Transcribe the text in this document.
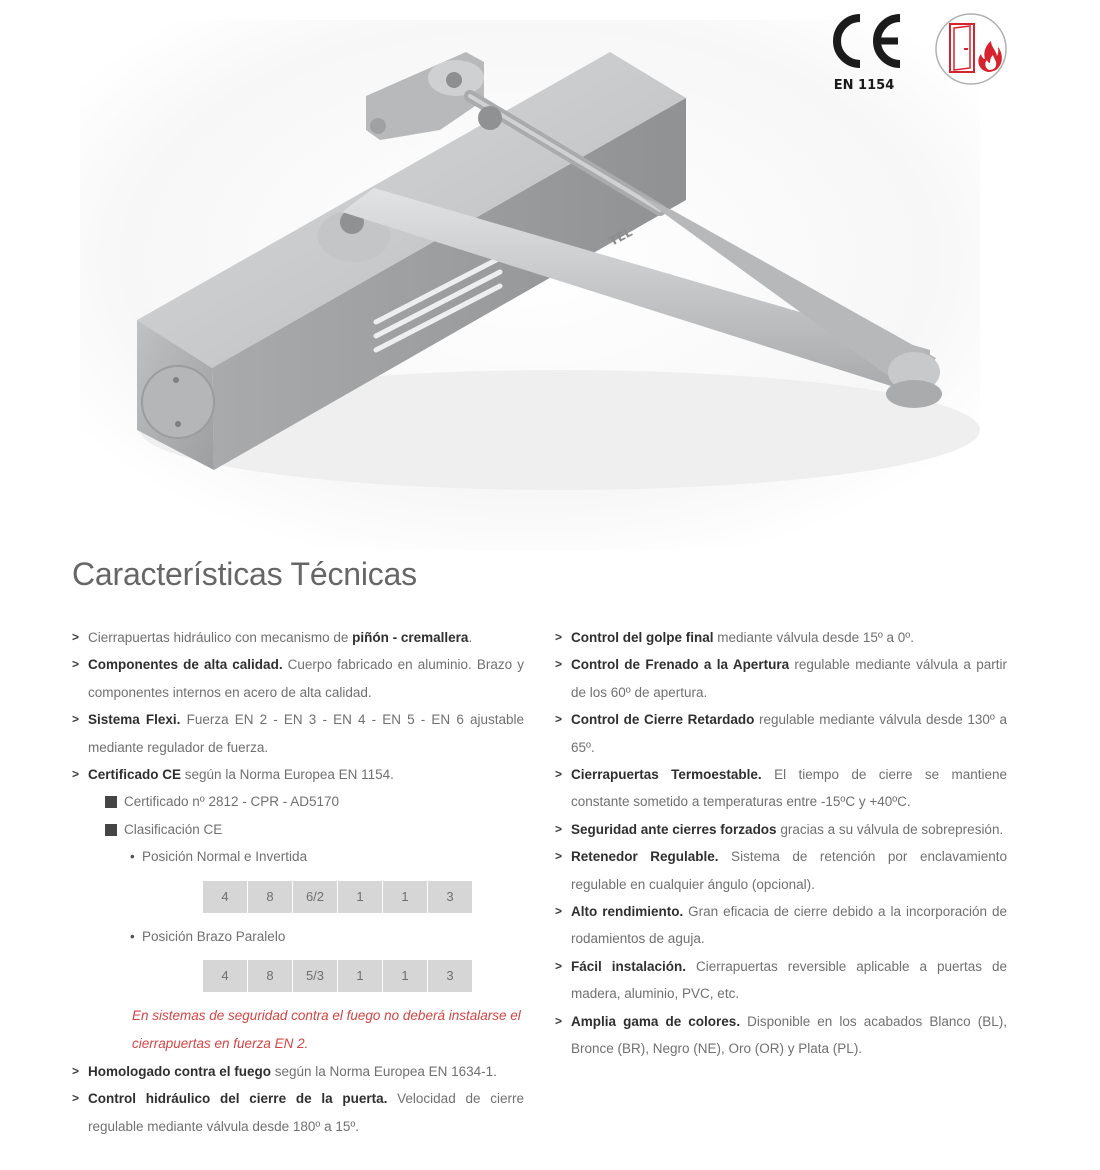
TEL
EN 1154
Características Técnicas
> Cierrapuertas hidráulico con mecanismo de piñón - cremallera.
> Componentes de alta calidad. Cuerpo fabricado en aluminio. Brazo y componentes internos en acero de alta calidad.
> Sistema Flexi. Fuerza EN 2 - EN 3 - EN 4 - EN 5 - EN 6 ajustable mediante regulador de fuerza.
> Certificado CE según la Norma Europea EN 1154.
Certificado nº 2812 - CPR - AD5170
Clasificación CE
• Posición Normal e Invertida
4	8	6/2	1	1	3
• Posición Brazo Paralelo
4	8	5/3	1	1	3
En sistemas de seguridad contra el fuego no deberá instalarse el cierrapuertas en fuerza EN 2.
> Homologado contra el fuego según la Norma Europea EN 1634-1.
> Control hidráulico del cierre de la puerta. Velocidad de cierre regulable mediante válvula desde 180º a 15º.
> Control del golpe final mediante válvula desde 15º a 0º.
> Control de Frenado a la Apertura regulable mediante válvula a partir de los 60º de apertura.
> Control de Cierre Retardado regulable mediante válvula desde 130º a 65º.
> Cierrapuertas Termoestable. El tiempo de cierre se mantiene constante sometido a temperaturas entre -15ºC y +40ºC.
> Seguridad ante cierres forzados gracias a su válvula de sobrepresión.
> Retenedor Regulable. Sistema de retención por enclavamiento regulable en cualquier ángulo (opcional).
> Alto rendimiento. Gran eficacia de cierre debido a la incorporación de rodamientos de aguja.
> Fácil instalación. Cierrapuertas reversible aplicable a puertas de madera, aluminio, PVC, etc.
> Amplia gama de colores. Disponible en los acabados Blanco (BL), Bronce (BR), Negro (NE), Oro (OR) y Plata (PL).
